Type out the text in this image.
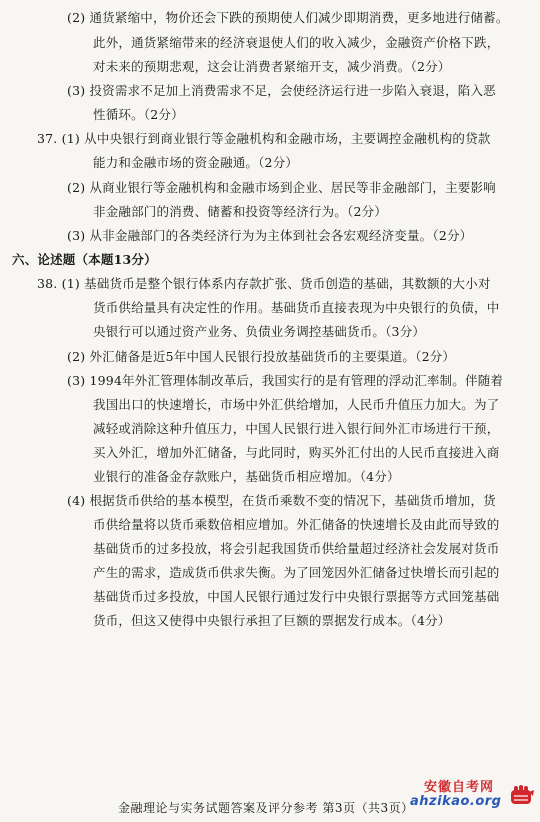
(2) 通货紧缩中，物价还会下跌的预期使人们减少即期消费，更多地进行储蓄。
此外，通货紧缩带来的经济衰退使人们的收入减少，金融资产价格下跌，
对未来的预期悲观，这会让消费者紧缩开支，减少消费。（2分）
(3) 投资需求不足加上消费需求不足，会使经济运行进一步陷入衰退，陷入恶
性循环。（2分）
37. (1) 从中央银行到商业银行等金融机构和金融市场，主要调控金融机构的贷款
能力和金融市场的资金融通。（2分）
(2) 从商业银行等金融机构和金融市场到企业、居民等非金融部门，主要影响
非金融部门的消费、储蓄和投资等经济行为。（2分）
(3) 从非金融部门的各类经济行为为主体到社会各宏观经济变量。（2分）
六、论述题（本题13分）
38. (1) 基础货币是整个银行体系内存款扩张、货币创造的基础，其数额的大小对
货币供给量具有决定性的作用。基础货币直接表现为中央银行的负债，中
央银行可以通过资产业务、负债业务调控基础货币。（3分）
(2) 外汇储备是近5年中国人民银行投放基础货币的主要渠道。（2分）
(3) 1994年外汇管理体制改革后，我国实行的是有管理的浮动汇率制。伴随着
我国出口的快速增长，市场中外汇供给增加，人民币升值压力加大。为了
减轻或消除这种升值压力，中国人民银行进入银行间外汇市场进行干预，
买入外汇，增加外汇储备，与此同时，购买外汇付出的人民币直接进入商
业银行的准备金存款账户，基础货币相应增加。（4分）
(4) 根据货币供给的基本模型，在货币乘数不变的情况下，基础货币增加，货
币供给量将以货币乘数倍相应增加。外汇储备的快速增长及由此而导致的
基础货币的过多投放，将会引起我国货币供给量超过经济社会发展对货币
产生的需求，造成货币供求失衡。为了回笼因外汇储备过快增长而引起的
基础货币过多投放，中国人民银行通过发行中央银行票据等方式回笼基础
货币，但这又使得中央银行承担了巨额的票据发行成本。（4分）
金融理论与实务试题答案及评分参考 第3页（共3页）
安徽自考网
ahzikao.org
